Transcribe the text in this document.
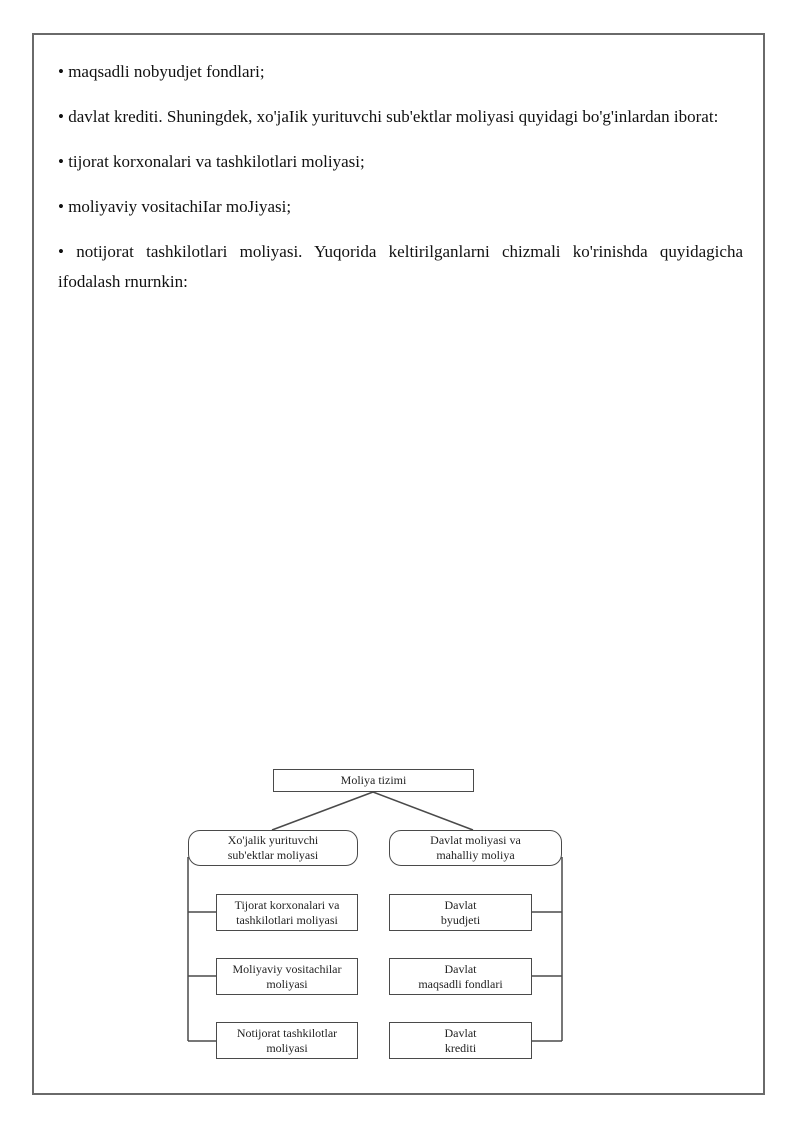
• maqsadli nobyudjet fondlari;

• davlat krediti. Shuningdek, xo'jaIik yurituvchi sub'ektlar moliyasi quyidagi bo'g'inlardan iborat:

• tijorat korxonalari va tashkilotlari moliyasi;

• moliyaviy vositachiIar moJiyasi;

• notijorat tashkilotlari moliyasi. Yuqorida keltirilganlarni chizmali ko'rinishda quyidagicha ifodalash rnurnkin:

Moliya tizimi
Xo'jalik yurituvchi
sub'ektlar moliyasi
Davlat moliyasi va
mahalliy moliya
Tijorat korxonalari va
tashkilotlari moliyasi
Moliyaviy vositachilar
moliyasi
Notijorat tashkilotlar
moliyasi
Davlat
byudjeti
Davlat
maqsadli fondlari
Davlat
krediti
